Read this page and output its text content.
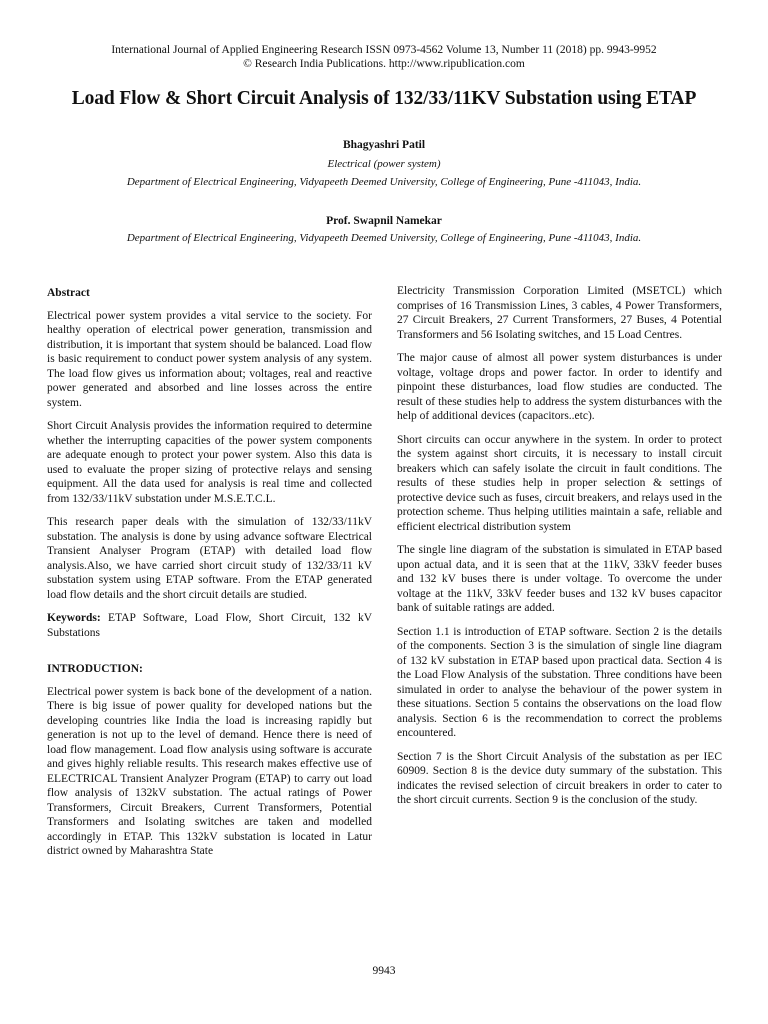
International Journal of Applied Engineering Research ISSN 0973-4562 Volume 13, Number 11 (2018) pp. 9943-9952
© Research India Publications. http://www.ripublication.com
Load Flow & Short Circuit Analysis of 132/33/11KV Substation using ETAP
Bhagyashri Patil
Electrical (power system)
Department of Electrical Engineering, Vidyapeeth Deemed University, College of Engineering, Pune -411043, India.
Prof. Swapnil Namekar
Department of Electrical Engineering, Vidyapeeth Deemed University, College of Engineering, Pune -411043, India.
Abstract

Electrical power system provides a vital service to the society. For healthy operation of electrical power generation, transmission and distribution, it is important that system should be balanced. Load flow is basic requirement to conduct power system analysis of any system. The load flow gives us information about; voltages, real and reactive power generated and absorbed and line losses across the entire system.

Short Circuit Analysis provides the information required to determine whether the interrupting capacities of the power system components are adequate enough to protect your power system. Also this data is used to evaluate the proper sizing of protective relays and sensing equipment. All the data used for analysis is real time and collected from 132/33/11kV substation under M.S.E.T.C.L.

This research paper deals with the simulation of 132/33/11kV substation. The analysis is done by using advance software Electrical Transient Analyser Program (ETAP) with detailed load flow analysis.Also, we have carried short circuit study of 132/33/11 kV substation system using ETAP software. From the ETAP generated load flow details and the short circuit details are studied.

Keywords: ETAP Software, Load Flow, Short Circuit, 132 kV Substations

INTRODUCTION:

Electrical power system is back bone of the development of a nation. There is big issue of power quality for developed nations but the developing countries like India the load is increasing rapidly but generation is not up to the level of demand. Hence there is need of load flow management. Load flow analysis using software is accurate and gives highly reliable results. This research makes effective use of ELECTRICAL Transient Analyzer Program (ETAP) to carry out load flow analysis of 132kV substation. The actual ratings of Power Transformers, Circuit Breakers, Current Transformers, Potential Transformers and Isolating switches are taken and modelled accordingly in ETAP. This 132kV substation is located in Latur district owned by Maharashtra State

Electricity Transmission Corporation Limited (MSETCL) which comprises of 16 Transmission Lines, 3 cables, 4 Power Transformers, 27 Circuit Breakers, 27 Current Transformers, 27 Buses, 4 Potential Transformers and 56 Isolating switches, and 15 Load Centres.

The major cause of almost all power system disturbances is under voltage, voltage drops and power factor. In order to identify and pinpoint these disturbances, load flow studies are conducted. The result of these studies help to address the system disturbances with the help of additional devices (capacitors..etc).

Short circuits can occur anywhere in the system. In order to protect the system against short circuits, it is necessary to install circuit breakers which can safely isolate the circuit in fault conditions. The results of these studies help in proper selection & settings of protective device such as fuses, circuit breakers, and relays used in the protection scheme. Thus helping utilities maintain a safe, reliable and efficient electrical distribution system

The single line diagram of the substation is simulated in ETAP based upon actual data, and it is seen that at the 11kV, 33kV feeder buses and 132 kV buses there is under voltage. To overcome the under voltage at the 11kV, 33kV feeder buses and 132 kV buses capacitor bank of suitable ratings are added.

Section 1.1 is introduction of ETAP software. Section 2 is the details of the components. Section 3 is the simulation of single line diagram of 132 kV substation in ETAP based upon practical data. Section 4 is the Load Flow Analysis of the substation. Three conditions have been simulated in order to analyse the behaviour of the power system in these situations. Section 5 contains the observations on the load flow analysis. Section 6 is the recommendation to correct the problems encountered.

Section 7 is the Short Circuit Analysis of the substation as per IEC 60909. Section 8 is the device duty summary of the substation. This indicates the revised selection of circuit breakers in order to cater to the short circuit currents. Section 9 is the conclusion of the study.

9943
